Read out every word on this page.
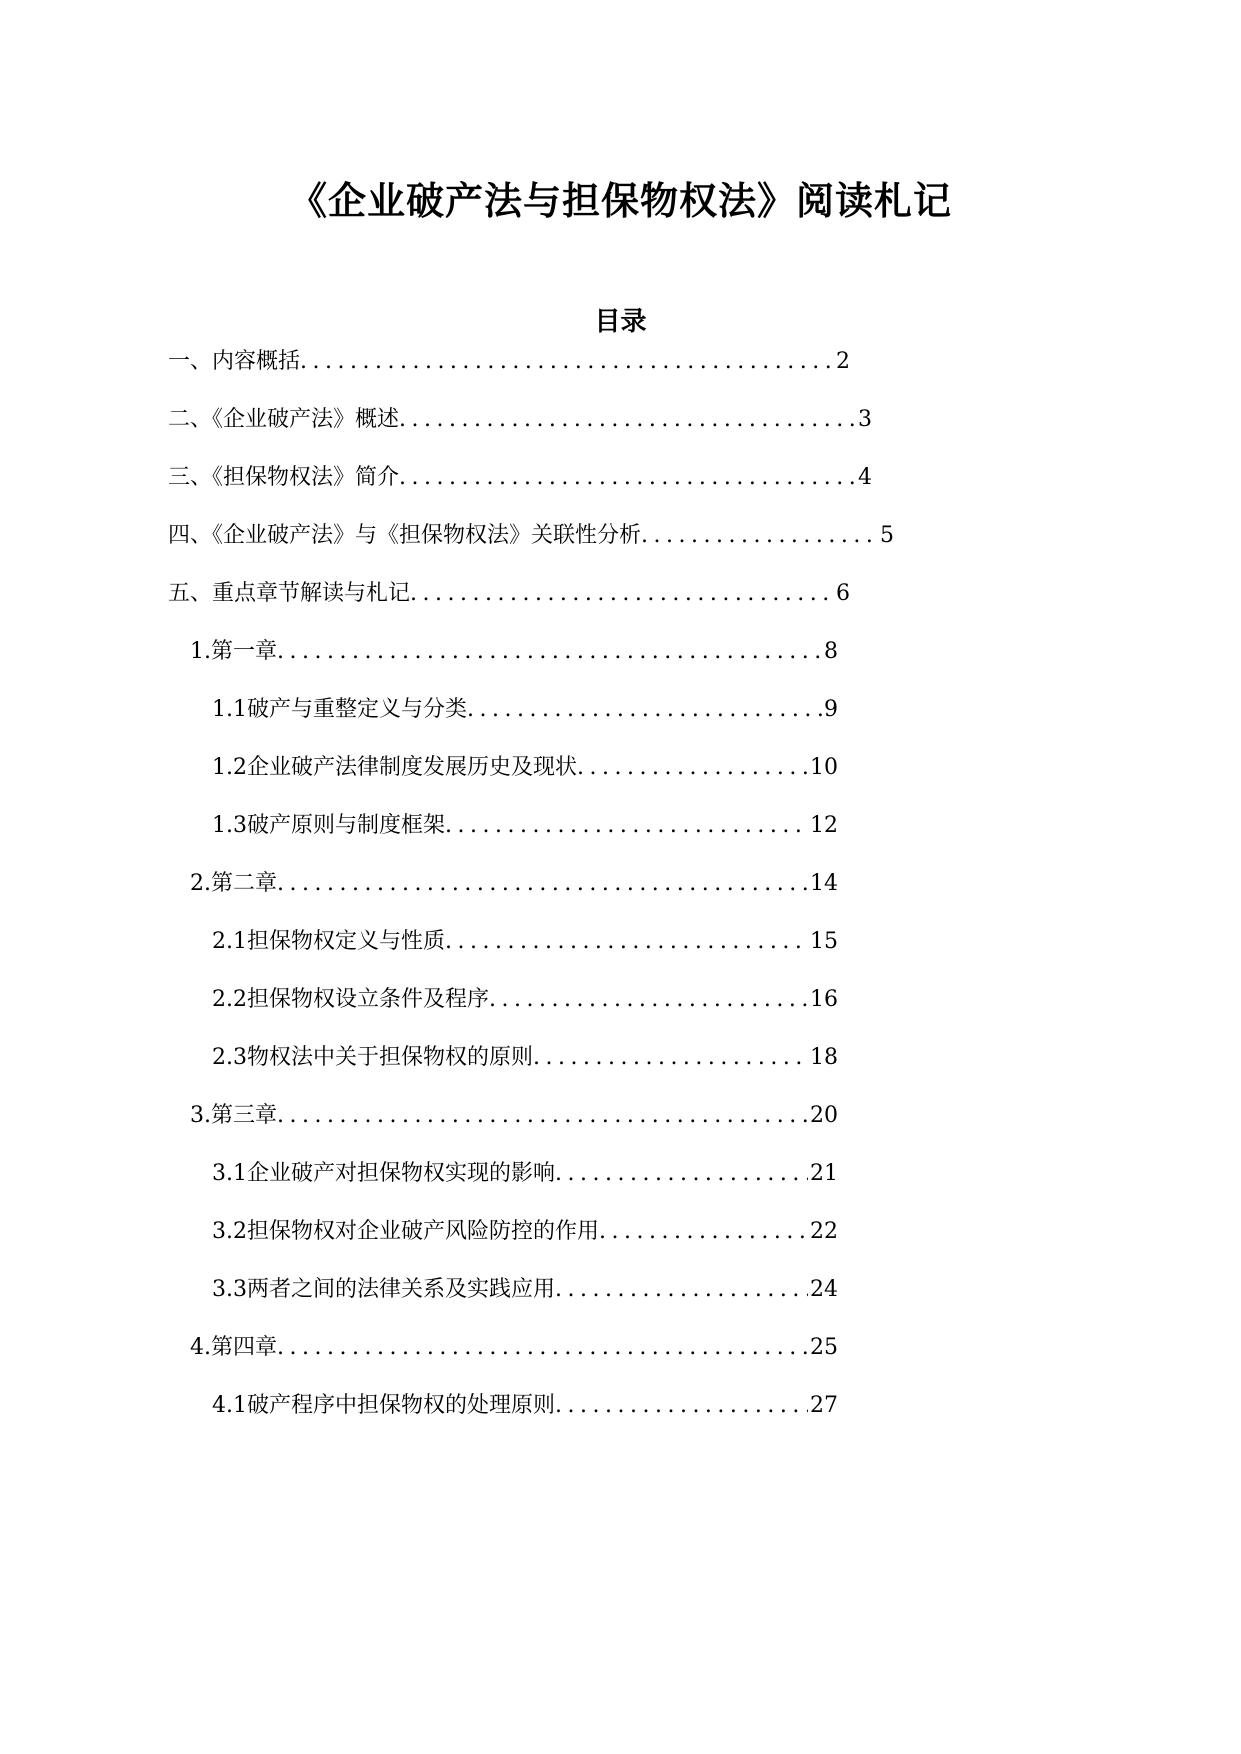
《企业破产法与担保物权法》阅读札记
目录
一、内容概括 .....	2
二、《企业破产法》概述 .....	3
三、《担保物权法》简介 .....	4
四、《企业破产法》与《担保物权法》关联性分析 .....	5
五、重点章节解读与札记 .....	6
1. 第一章 .....	8
1.1 破产与重整定义与分类 .....	9
1.2 企业破产法律制度发展历史及现状 .....	10
1.3 破产原则与制度框架 .....	12
2. 第二章 .....	14
2.1 担保物权定义与性质 .....	15
2.2 担保物权设立条件及程序 .....	16
2.3 物权法中关于担保物权的原则 .....	18
3. 第三章 .....	20
3.1 企业破产对担保物权实现的影响 .....	21
3.2 担保物权对企业破产风险防控的作用 .....	22
3.3 两者之间的法律关系及实践应用 .....	24
4. 第四章 .....	25
4.1 破产程序中担保物权的处理原则 .....	27
